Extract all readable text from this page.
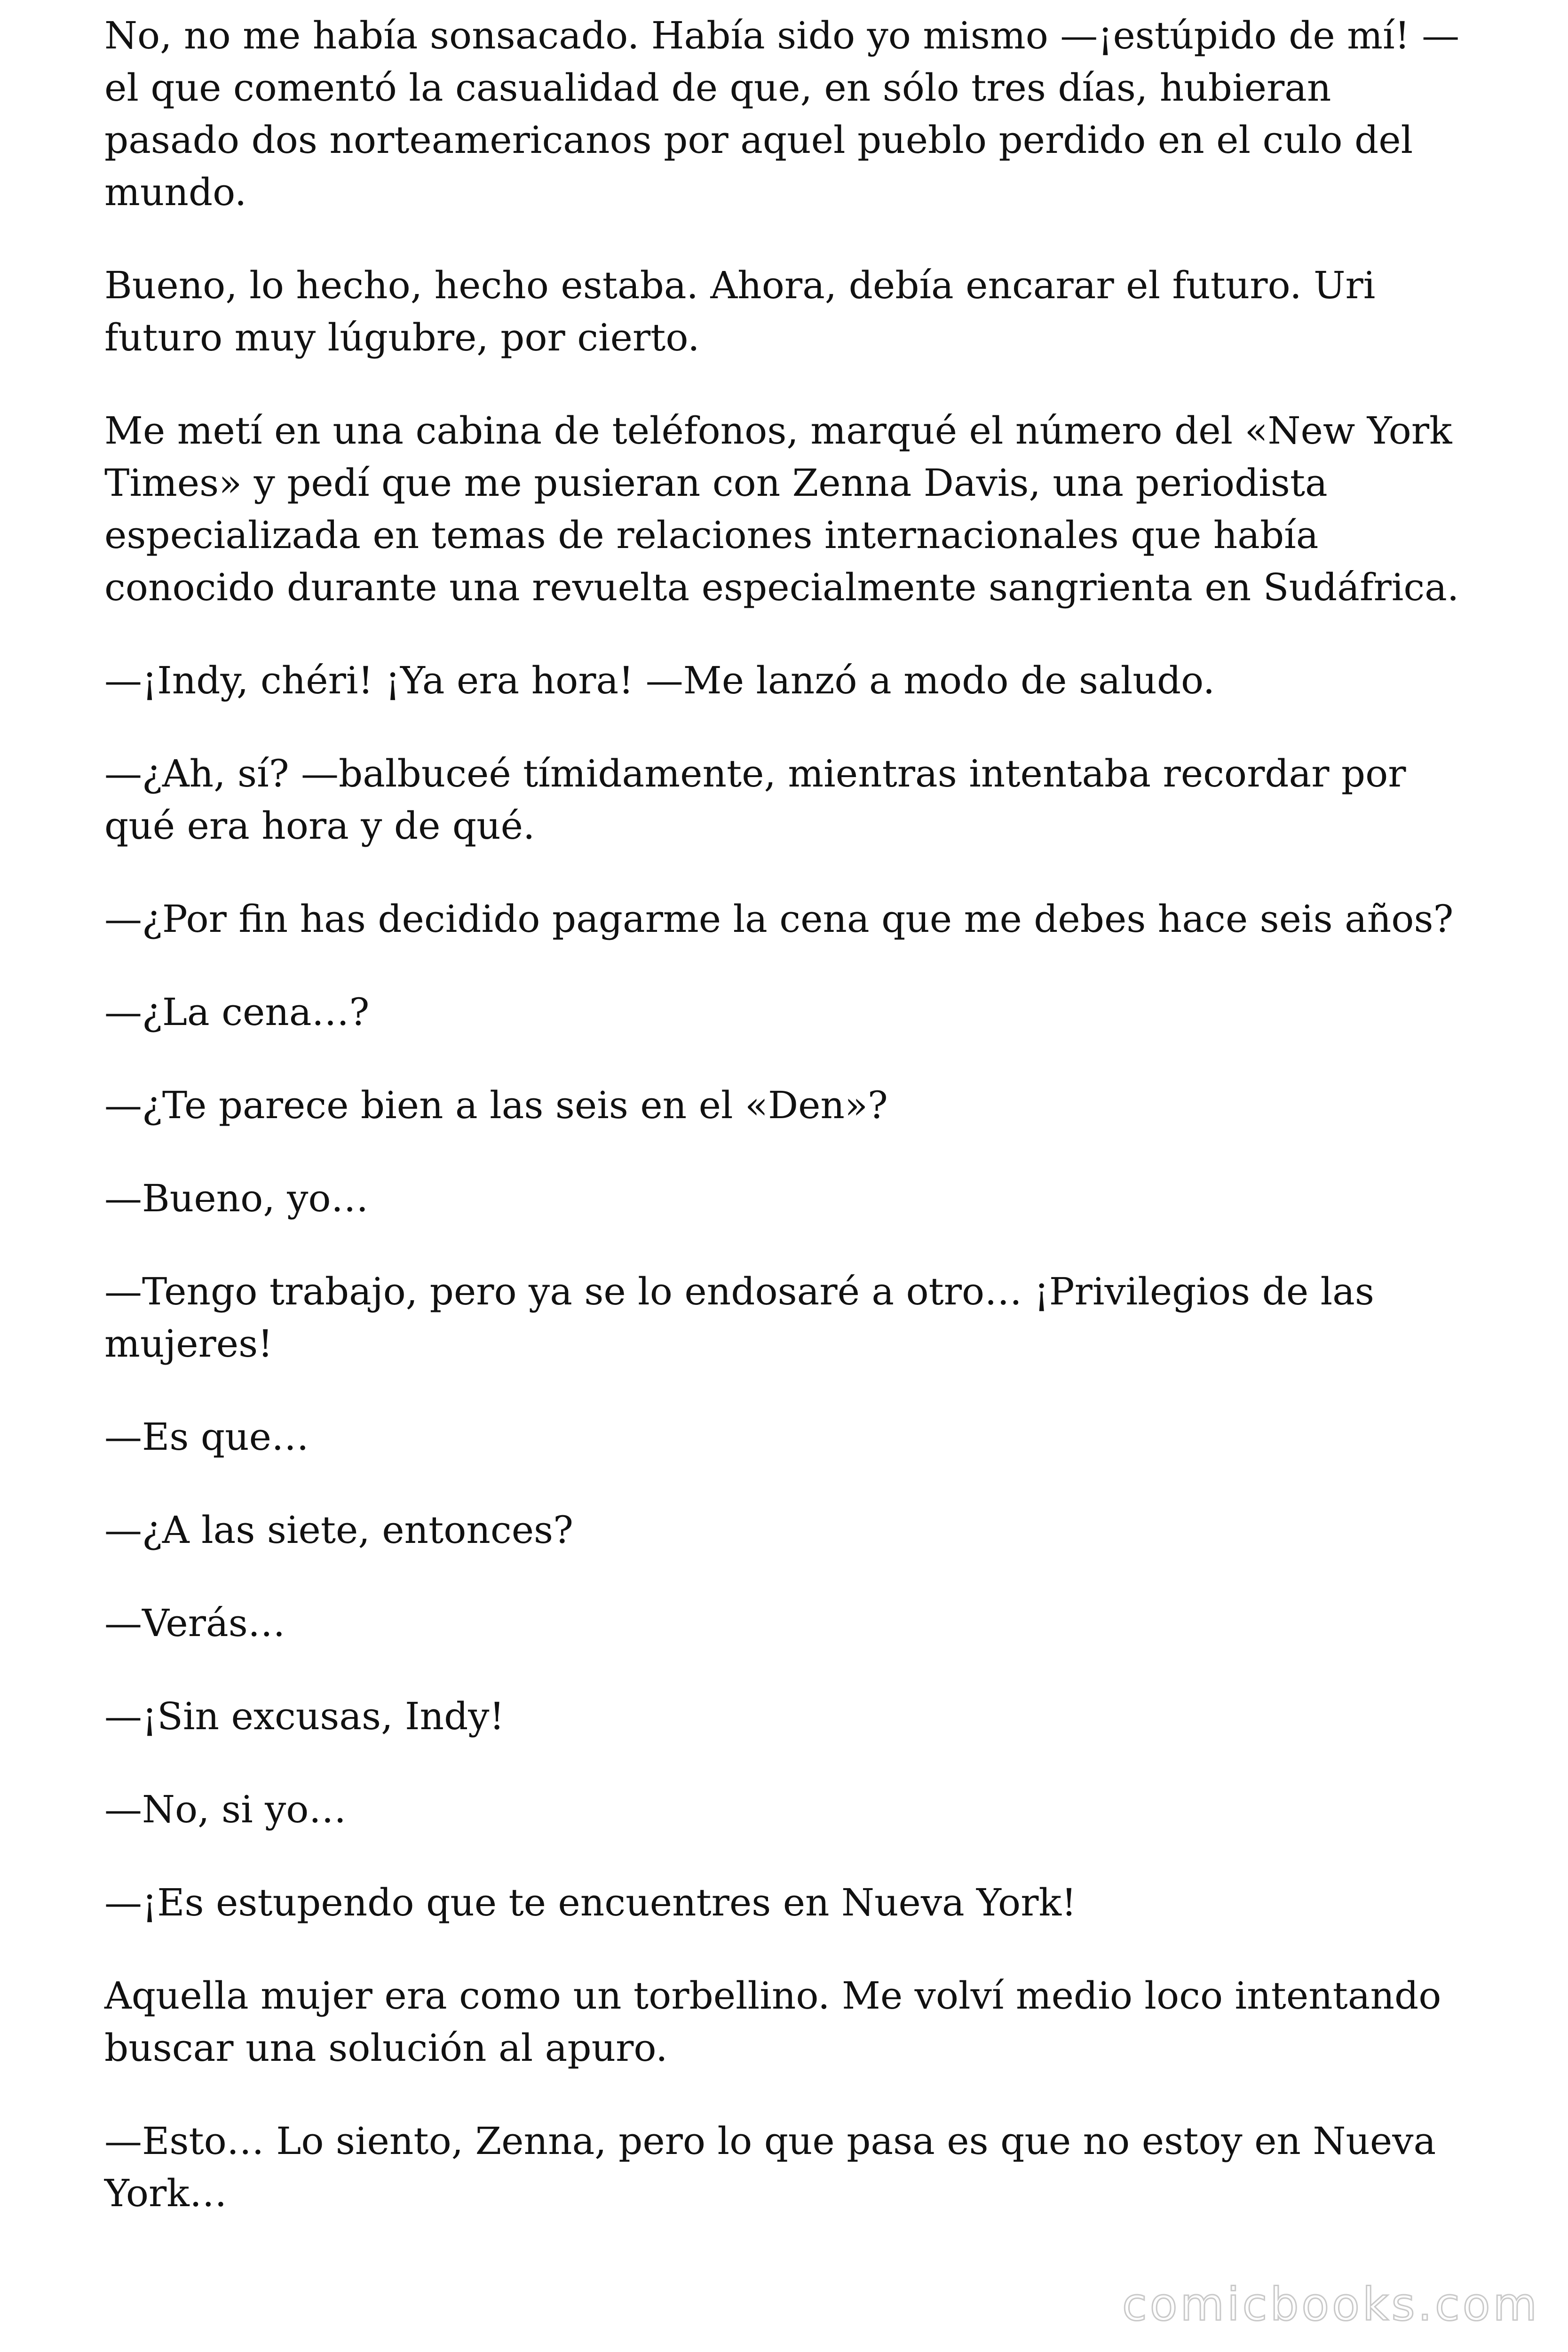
No, no me había sonsacado. Había sido yo mismo —¡estúpido de mí! — el que comentó la casualidad de que, en sólo tres días, hubieran pasado dos norteamericanos por aquel pueblo perdido en el culo del mundo.

Bueno, lo hecho, hecho estaba. Ahora, debía encarar el futuro. Uri futuro muy lúgubre, por cierto.

Me metí en una cabina de teléfonos, marqué el número del «New York Times» y pedí que me pusieran con Zenna Davis, una periodista especializada en temas de relaciones internacionales que había conocido durante una revuelta especialmente sangrienta en Sudáfrica.

—¡Indy, chéri! ¡Ya era hora! —Me lanzó a modo de saludo.

—¿Ah, sí? —balbuceé tímidamente, mientras intentaba recordar por qué era hora y de qué.

—¿Por fin has decidido pagarme la cena que me debes hace seis años?

—¿La cena…?

—¿Te parece bien a las seis en el «Den»?

—Bueno, yo…

—Tengo trabajo, pero ya se lo endosaré a otro… ¡Privilegios de las mujeres!

—Es que…

—¿A las siete, entonces?

—Verás…

—¡Sin excusas, Indy!

—No, si yo…

—¡Es estupendo que te encuentres en Nueva York!

Aquella mujer era como un torbellino. Me volví medio loco intentando buscar una solución al apuro.

—Esto… Lo siento, Zenna, pero lo que pasa es que no estoy en Nueva York…

comicbooks.com
